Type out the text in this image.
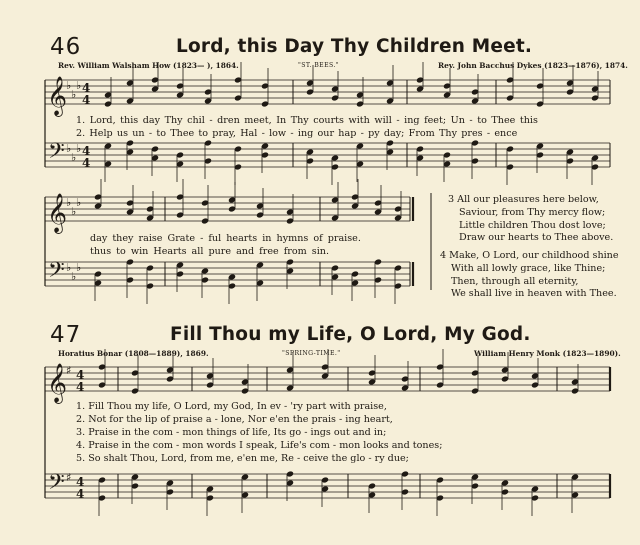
46	Lord, this Day Thy Children Meet.
Rev. William Walsham How (1823— ), 1864.	"ST. BEES."	Rev. John Bacchus Dykes (1823—1876), 1874.
1. Lord, this day Thy chil - dren meet, In Thy courts with will - ing feet; Un - to Thee this
2. Help us un - to Thee to pray, Hal - low - ing our hap - py day; From Thy pres - ence
day they raise Grate - ful hearts in hymns of praise.
thus to win Hearts all pure and free from sin.
3 All our pleasures here below,
Saviour, from Thy mercy flow;
Little children Thou dost love;
Draw our hearts to Thee above.
4 Make, O Lord, our childhood shine
With all lowly grace, like Thine;
Then, through all eternity,
We shall live in heaven with Thee.
47	Fill Thou my Life, O Lord, My God.
Horatius Bonar (1808—1889), 1869.	"SPRING-TIME."	William Henry Monk (1823—1890).
1. Fill Thou my life, O Lord, my God, In ev - 'ry part with praise,
2. Not for the lip of praise a - lone, Nor e'en the prais - ing heart,
3. Praise in the com - mon things of life, Its go - ings out and in;
4. Praise in the com - mon words I speak, Life's com - mon looks and tones;
5. So shalt Thou, Lord, from me, e'en me, Re - ceive the glo - ry due;
𝄞
𝄢
♭
♭
♭
♭
♭
♭
4
4
4
4
𝄞
𝄢
♭
♭
♭
♭
♭
♭
𝄞
𝄢
♯
♯
4
4
4
4
